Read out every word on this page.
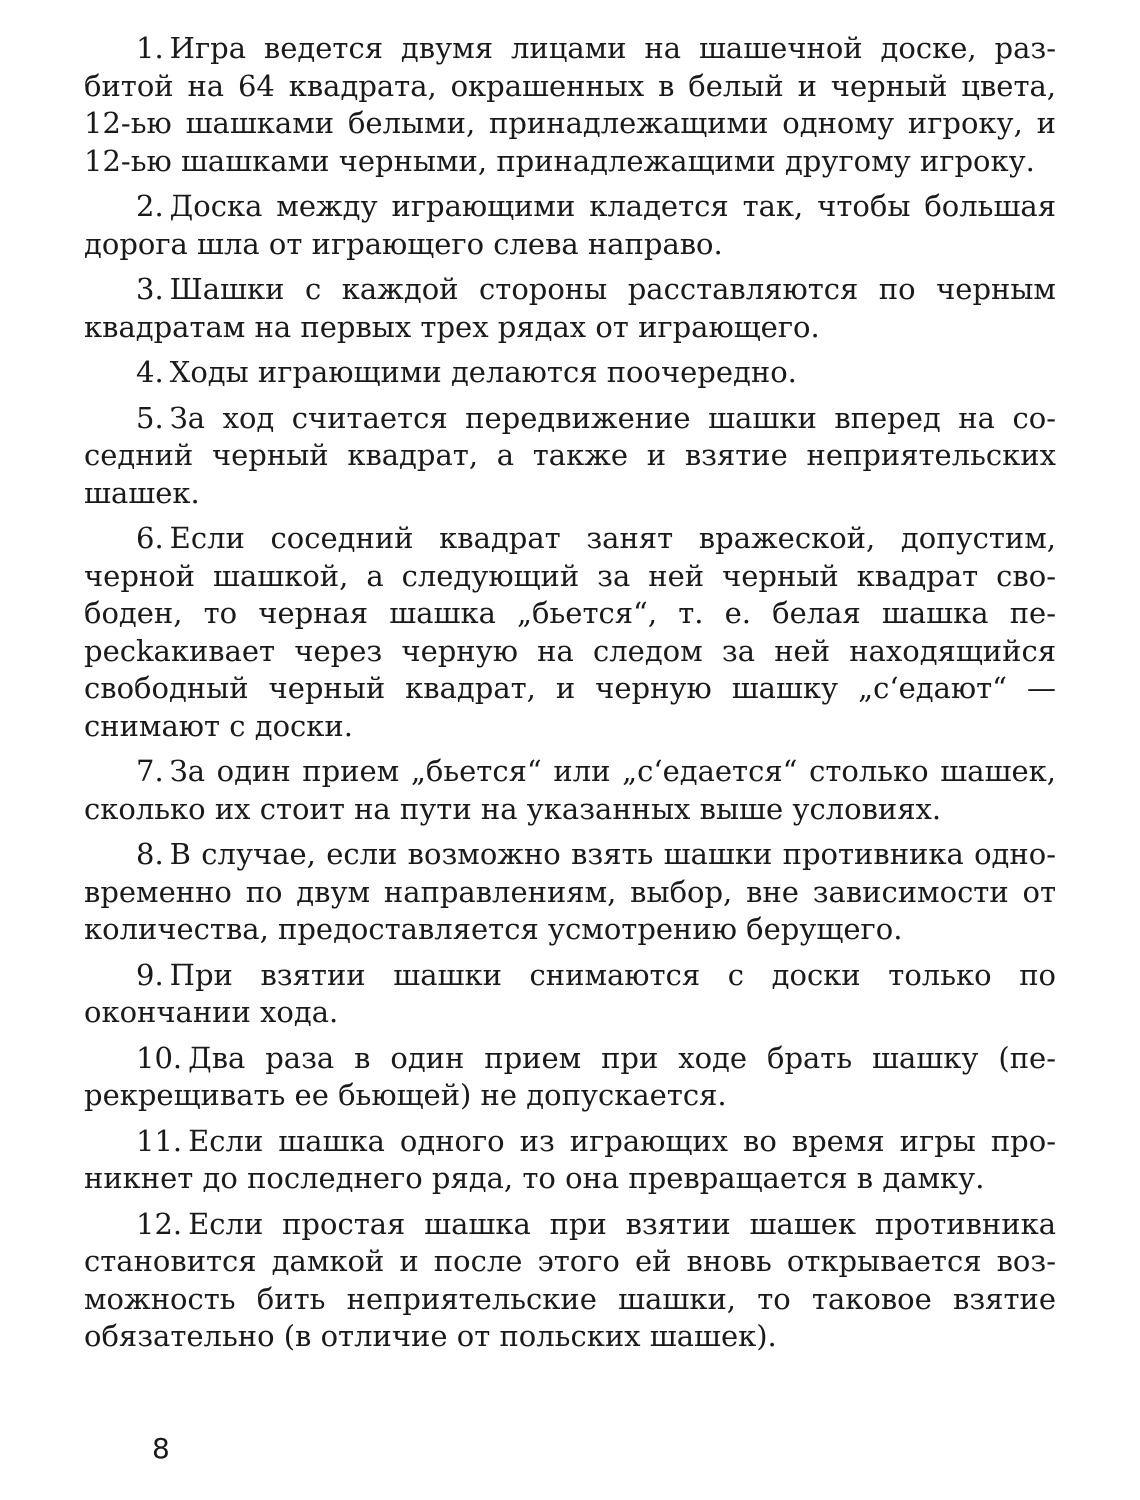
1. Игра ведется двумя лицами на шашечной доске, разбитой на 64 квадрата, окрашенных в белый и черный цвета, 12-ью шашками белыми, принадлежащими одному игроку, и 12-ью шашками черными, принадлежащими другому игроку.

2. Доска между играющими кладется так, чтобы большая дорога шла от играющего слева направо.

3. Шашки с каждой стороны расставляются по черным квадратам на первых трех рядах от играющего.

4. Ходы играющими делаются поочередно.

5. За ход считается передвижение шашки вперед на соседний черный квадрат, а также и взятие неприятельских шашек.

6. Если соседний квадрат занят вражеской, допустим, черной шашкой, а следующий за ней черный квадрат свободен, то черная шашка „бьется“, т. е. белая шашка переckакивает через черную на следом за ней находящийся свободный черный квадрат, и черную шашку „с‘едают“ — снимают с доски.

7. За один прием „бьется“ или „с‘едается“ столько шашек, сколько их стоит на пути на указанных выше условиях.

8. В случае, если возможно взять шашки противника одновременно по двум направлениям, выбор, вне зависимости от количества, предоставляется усмотрению берущего.

9. При взятии шашки снимаются с доски только по окончании хода.

10. Два раза в один прием при ходе брать шашку (перекрещивать ее бьющей) не допускается.

11. Если шашка одного из играющих во время игры проникнет до последнего ряда, то она превращается в дамку.

12. Если простая шашка при взятии шашек противника становится дамкой и после этого ей вновь открывается возможность бить неприятельские шашки, то таковое взятие обязательно (в отличие от польских шашек).

8
